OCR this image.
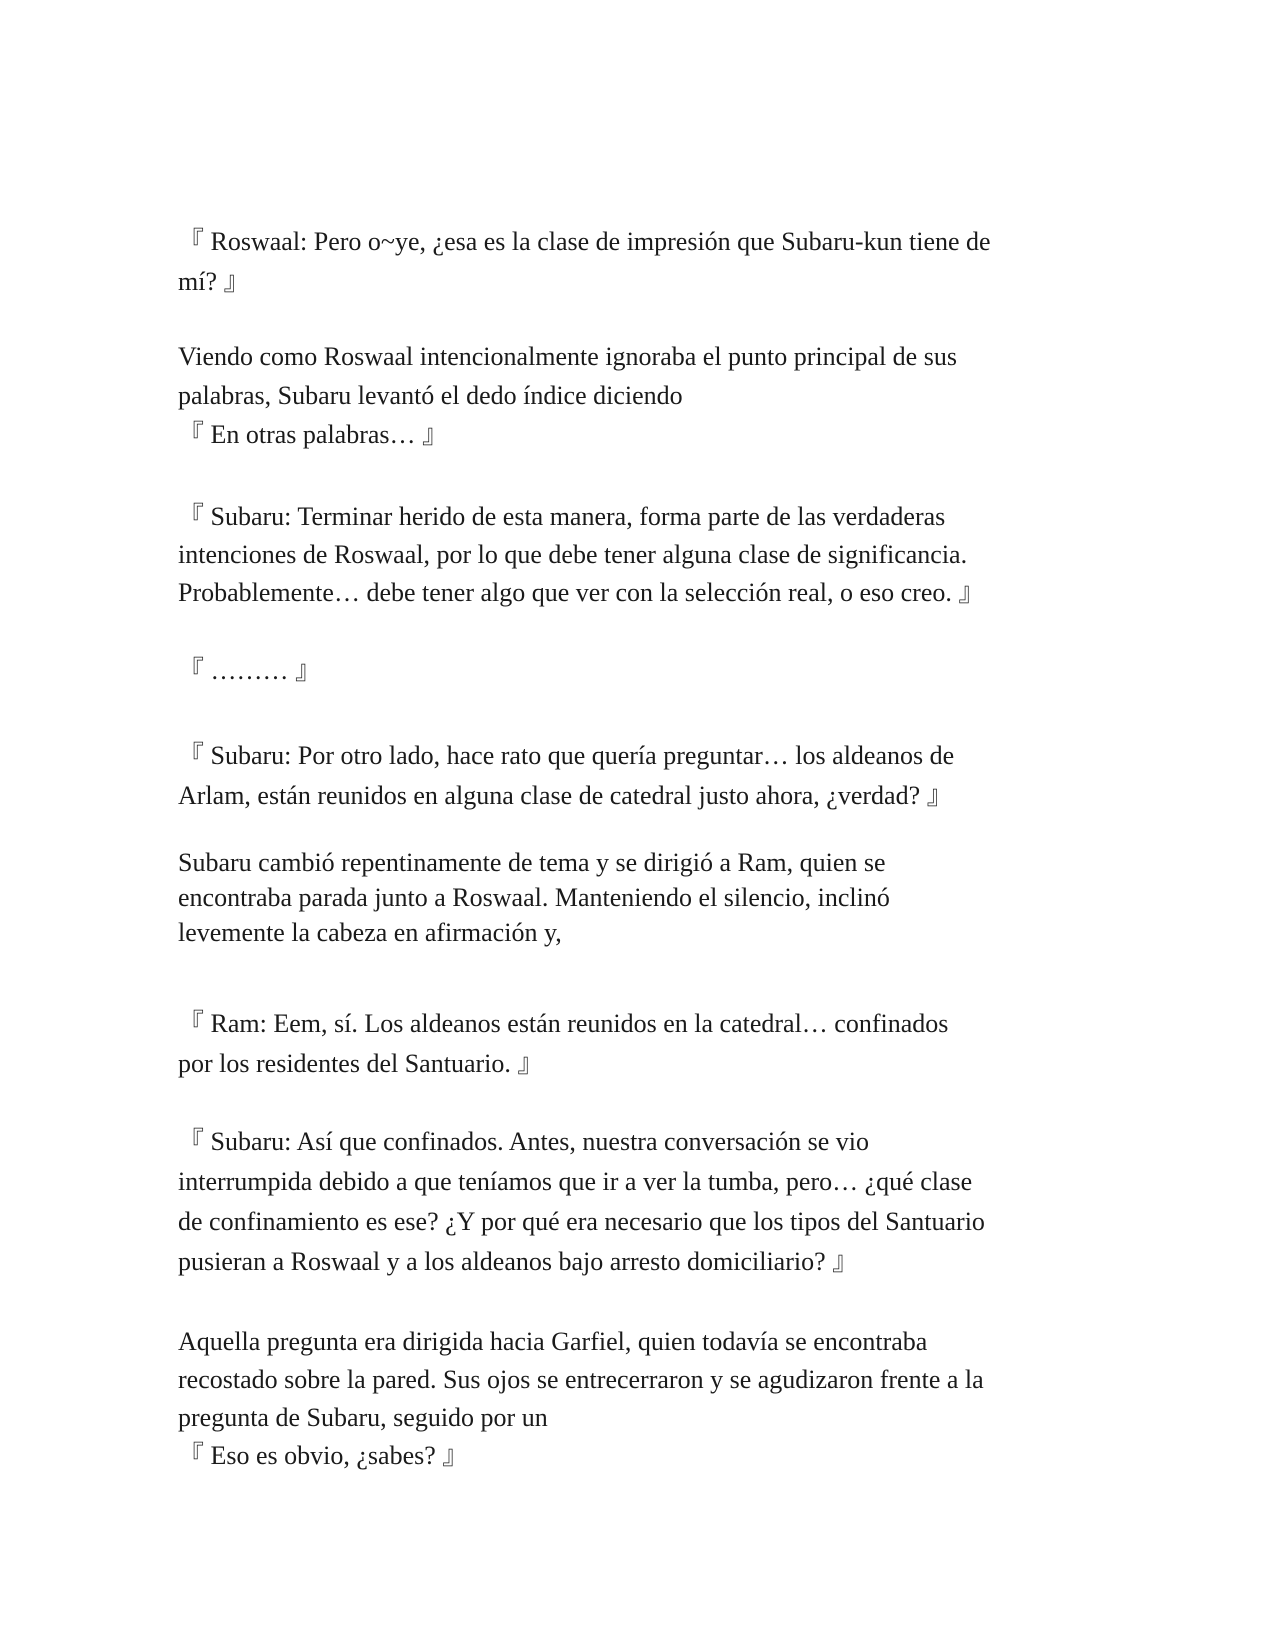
『 Roswaal: Pero o~ye, ¿esa es la clase de impresión que Subaru-kun tiene de
mí? 』

Viendo como Roswaal intencionalmente ignoraba el punto principal de sus
palabras, Subaru levantó el dedo índice diciendo
『 En otras palabras… 』

『 Subaru: Terminar herido de esta manera, forma parte de las verdaderas
intenciones de Roswaal, por lo que debe tener alguna clase de significancia.
Probablemente… debe tener algo que ver con la selección real, o eso creo. 』

『 ……… 』

『 Subaru: Por otro lado, hace rato que quería preguntar… los aldeanos de
Arlam, están reunidos en alguna clase de catedral justo ahora, ¿verdad? 』

Subaru cambió repentinamente de tema y se dirigió a Ram, quien se
encontraba parada junto a Roswaal. Manteniendo el silencio, inclinó
levemente la cabeza en afirmación y,

『 Ram: Eem, sí. Los aldeanos están reunidos en la catedral… confinados
por los residentes del Santuario. 』

『 Subaru: Así que confinados. Antes, nuestra conversación se vio
interrumpida debido a que teníamos que ir a ver la tumba, pero… ¿qué clase
de confinamiento es ese? ¿Y por qué era necesario que los tipos del Santuario
pusieran a Roswaal y a los aldeanos bajo arresto domiciliario? 』

Aquella pregunta era dirigida hacia Garfiel, quien todavía se encontraba
recostado sobre la pared. Sus ojos se entrecerraron y se agudizaron frente a la
pregunta de Subaru, seguido por un
『 Eso es obvio, ¿sabes? 』
